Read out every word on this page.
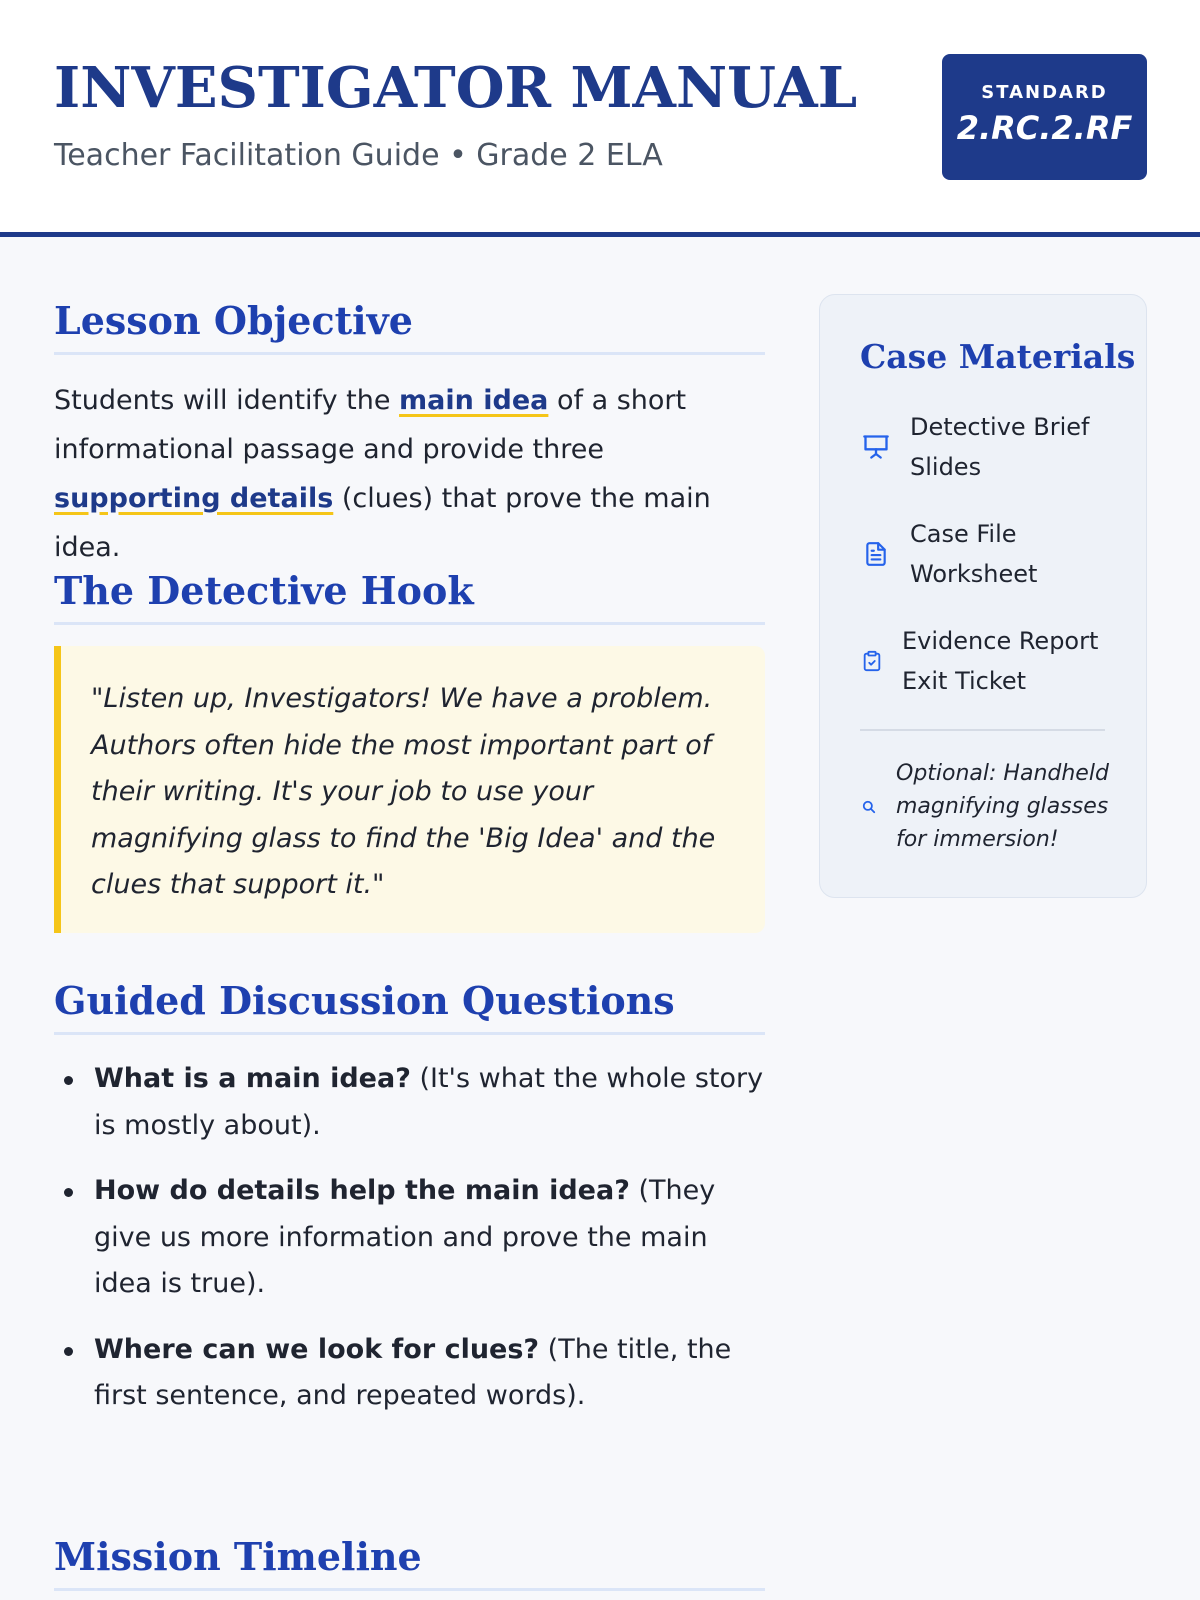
INVESTIGATOR MANUAL
Teacher Facilitation Guide • Grade 2 ELA
STANDARD
2.RC.2.RF
Lesson Objective

Students will identify the main idea of a short informational passage and provide three supporting details (clues) that prove the main idea.

The Detective Hook
"Listen up, Investigators! We have a problem. Authors often hide the most important part of their writing. It's your job to use your magnifying glass to find the 'Big Idea' and the clues that support it."
Guided Discussion Questions
What is a main idea? (It's what the whole story is mostly about).
How do details help the main idea? (They give us more information and prove the main idea is true).
Where can we look for clues? (The title, the first sentence, and repeated words).
Mission Timeline
Case Materials
Detective Brief Slides
Case File Worksheet
Evidence Report Exit Ticket
Optional: Handheld magnifying glasses for immersion!
